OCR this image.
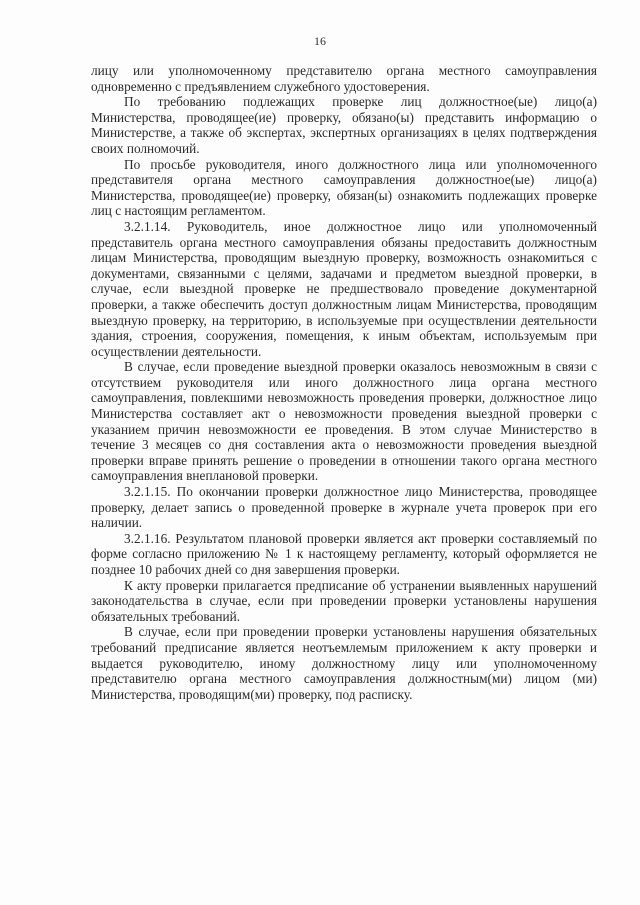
16

лицу или уполномоченному представителю органа местного самоуправления одновременно с предъявлением служебного удостоверения.

По требованию подлежащих проверке лиц должностное(ые) лицо(а) Министерства, проводящее(ие) проверку, обязано(ы) представить информацию о Министерстве, а также об экспертах, экспертных организациях в целях подтверждения своих полномочий.

По просьбе руководителя, иного должностного лица или уполномоченного представителя органа местного самоуправления должностное(ые) лицо(а) Министерства, проводящее(ие) проверку, обязан(ы) ознакомить подлежащих проверке лиц с настоящим регламентом.

3.2.1.14. Руководитель, иное должностное лицо или уполномоченный представитель органа местного самоуправления обязаны предоставить должностным лицам Министерства, проводящим выездную проверку, возможность ознакомиться с документами, связанными с целями, задачами и предметом выездной проверки, в случае, если выездной проверке не предшествовало проведение документарной проверки, а также обеспечить доступ должностным лицам Министерства, проводящим выездную проверку, на территорию, в используемые при осуществлении деятельности здания, строения, сооружения, помещения, к иным объектам, используемым при осуществлении деятельности.

В случае, если проведение выездной проверки оказалось невозможным в связи с отсутствием руководителя или иного должностного лица органа местного самоуправления, повлекшими невозможность проведения проверки, должностное лицо Министерства составляет акт о невозможности проведения выездной проверки с указанием причин невозможности ее проведения. В этом случае Министерство в течение 3 месяцев со дня составления акта о невозможности проведения выездной проверки вправе принять решение о проведении в отношении такого органа местного самоуправления внеплановой проверки.

3.2.1.15. По окончании проверки должностное лицо Министерства, проводящее проверку, делает запись о проведенной проверке в журнале учета проверок при его наличии.

3.2.1.16. Результатом плановой проверки является акт проверки составляемый по форме согласно приложению № 1 к настоящему регламенту, который оформляется не позднее 10 рабочих дней со дня завершения проверки.

К акту проверки прилагается предписание об устранении выявленных нарушений законодательства в случае, если при проведении проверки установлены нарушения обязательных требований.

В случае, если при проведении проверки установлены нарушения обязательных требований предписание является неотъемлемым приложением к акту проверки и выдается руководителю, иному должностному лицу или уполномоченному представителю органа местного самоуправления должностным(ми) лицом (ми) Министерства, проводящим(ми) проверку, под расписку.
